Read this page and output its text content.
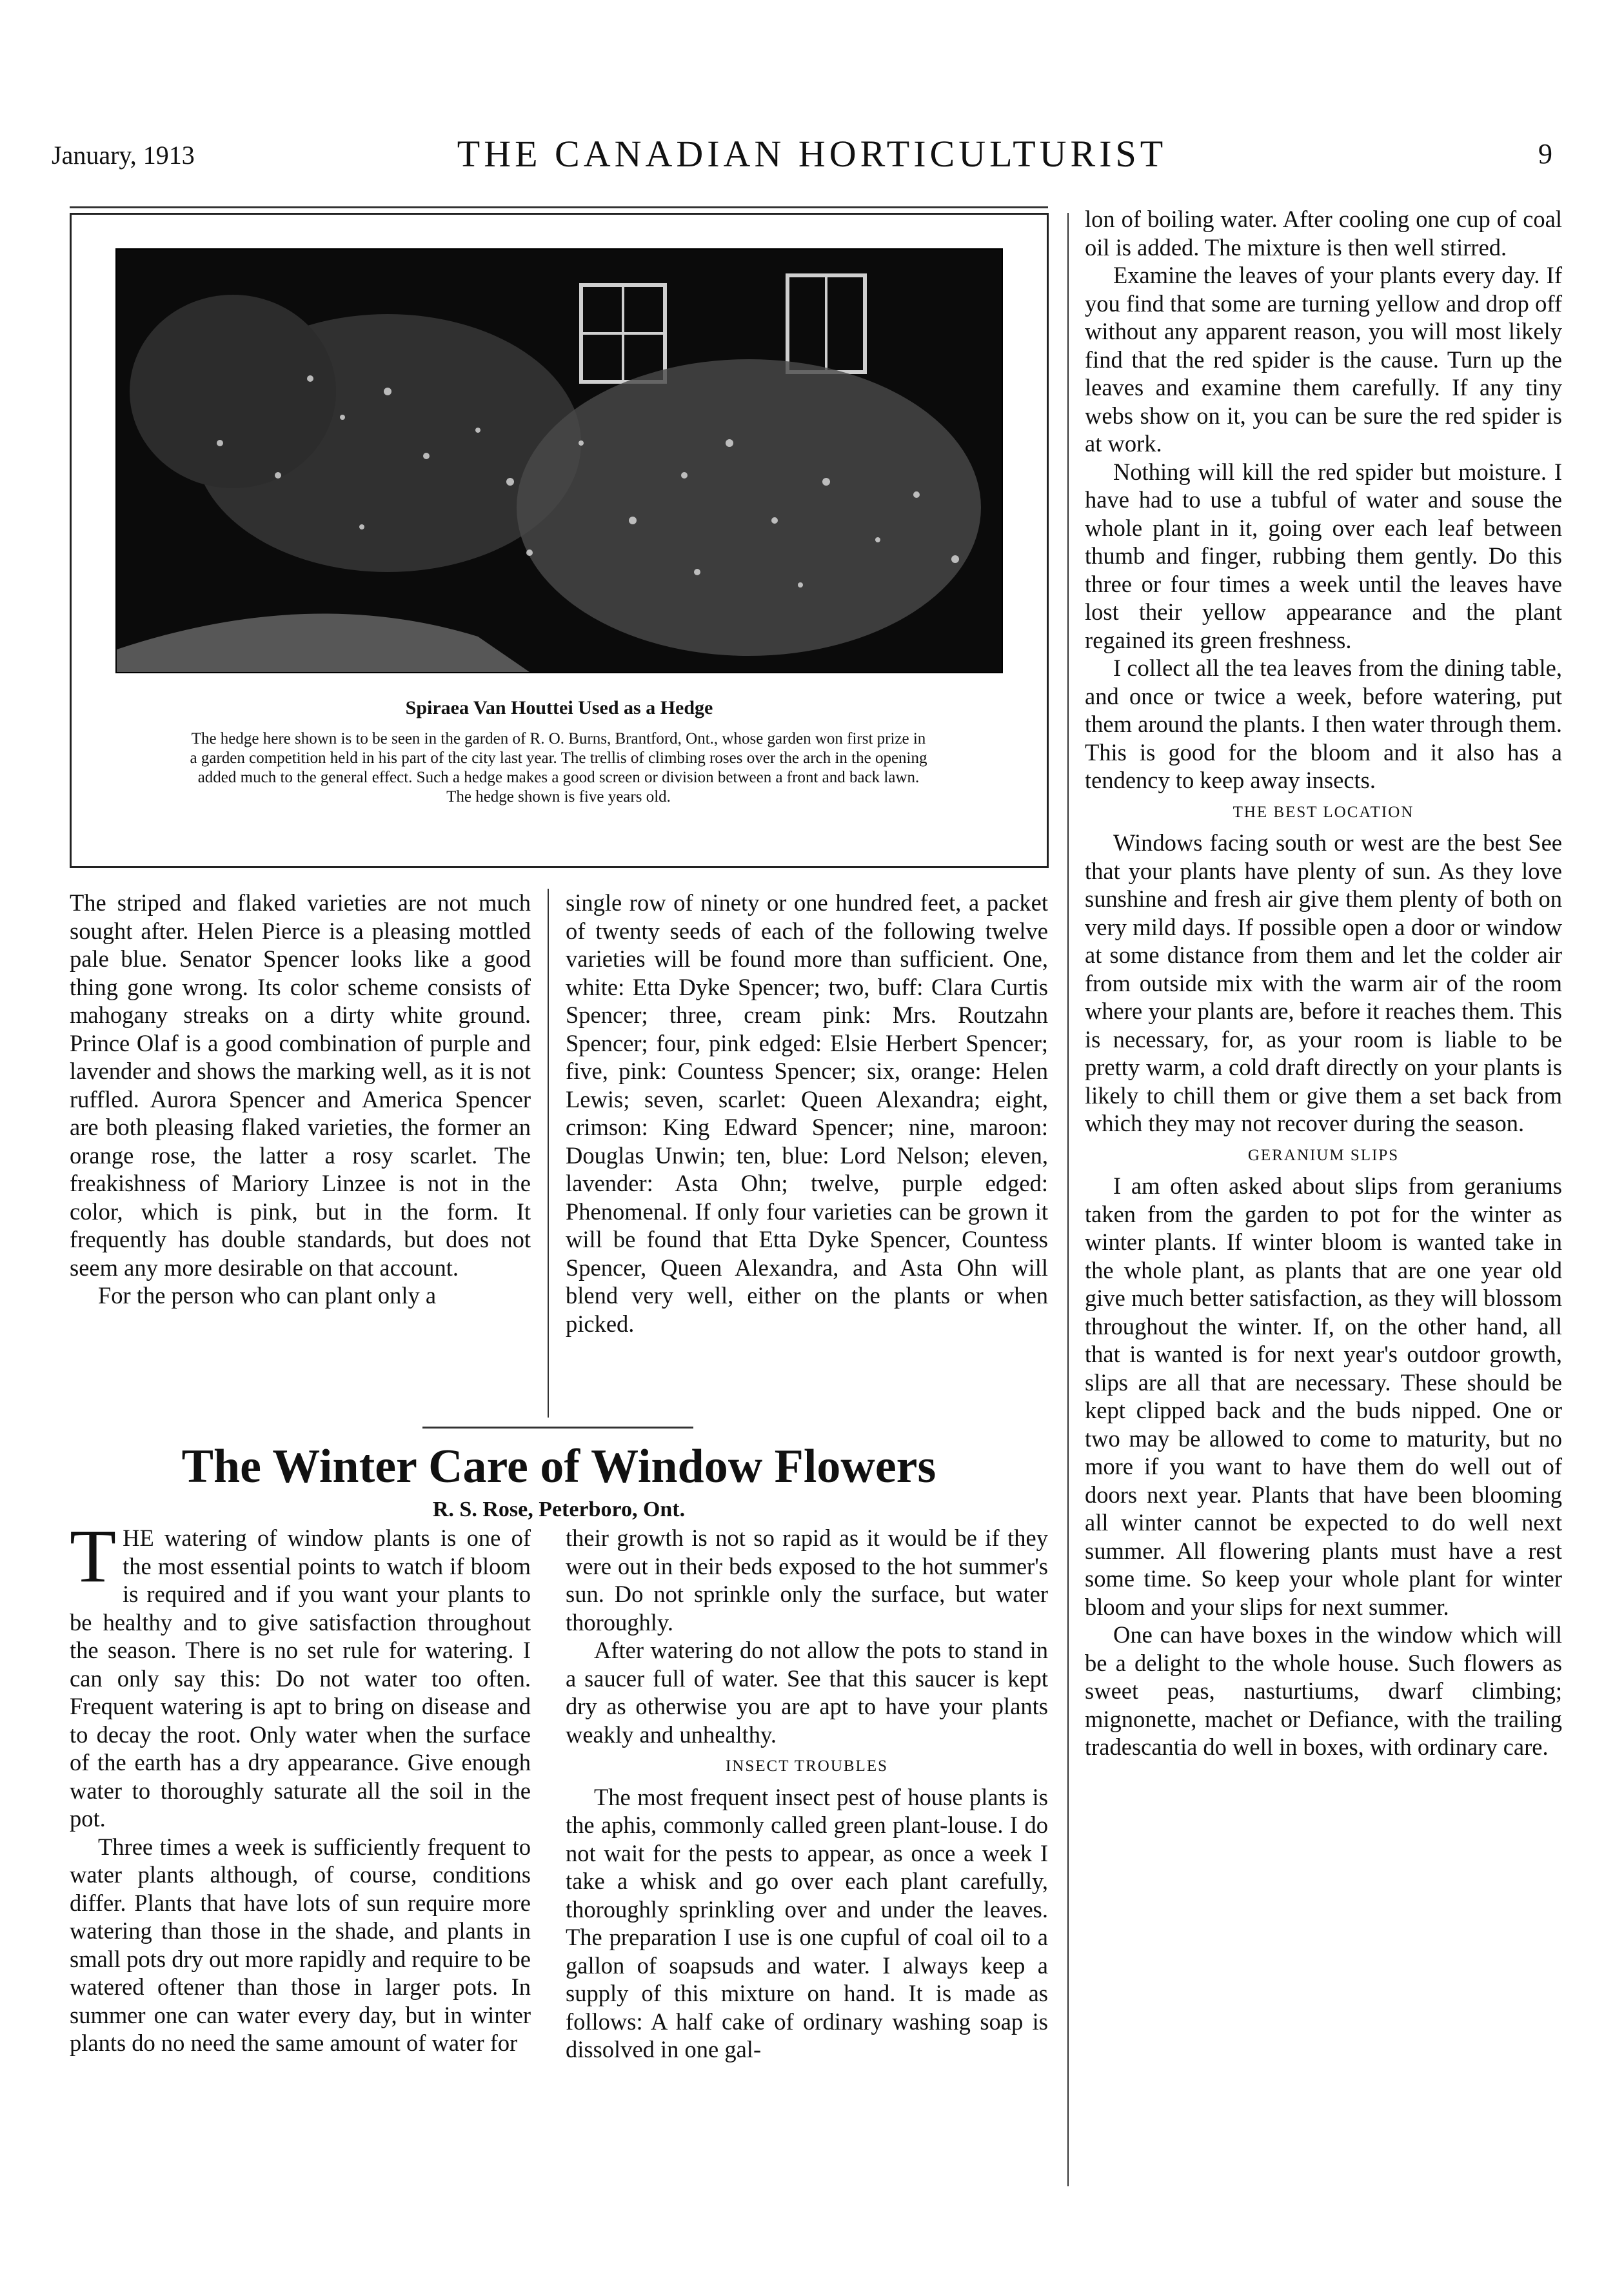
THE CANADIAN HORTICULTURIST
January, 1913	9
Spiraea Van Houttei Used as a Hedge
The hedge here shown is to be seen in the garden of R. O. Burns, Brantford, Ont., whose garden won first prize in a garden competition held in his part of the city last year. The trellis of climbing roses over the arch in the opening added much to the general effect. Such a hedge makes a good screen or division between a front and back lawn. The hedge shown is five years old.

The striped and flaked varieties are not much sought after. Helen Pierce is a pleasing mottled pale blue. Senator Spencer looks like a good thing gone wrong. Its color scheme consists of mahogany streaks on a dirty white ground. Prince Olaf is a good combination of purple and lavender and shows the marking well, as it is not ruffled. Aurora Spencer and America Spencer are both pleasing flaked varieties, the former an orange rose, the latter a rosy scarlet. The freakishness of Mariory Linzee is not in the color, which is pink, but in the form. It frequently has double standards, but does not seem any more desirable on that account.

For the person who can plant only a

single row of ninety or one hundred feet, a packet of twenty seeds of each of the following twelve varieties will be found more than sufficient. One, white: Etta Dyke Spencer; two, buff: Clara Curtis Spencer; three, cream pink: Mrs. Routzahn Spencer; four, pink edged: Elsie Herbert Spencer; five, pink: Countess Spencer; six, orange: Helen Lewis; seven, scarlet: Queen Alexandra; eight, crimson: King Edward Spencer; nine, maroon: Douglas Unwin; ten, blue: Lord Nelson; eleven, lavender: Asta Ohn; twelve, purple edged: Phenomenal. If only four varieties can be grown it will be found that Etta Dyke Spencer, Countess Spencer, Queen Alexandra, and Asta Ohn will blend very well, either on the plants or when picked.

The Winter Care of Window Flowers
R. S. Rose, Peterboro, Ont.

THE watering of window plants is one of the most essential points to watch if bloom is required and if you want your plants to be healthy and to give satisfaction throughout the season. There is no set rule for watering. I can only say this: Do not water too often. Frequent watering is apt to bring on disease and to decay the root. Only water when the surface of the earth has a dry appearance. Give enough water to thoroughly saturate all the soil in the pot.

Three times a week is sufficiently frequent to water plants although, of course, conditions differ. Plants that have lots of sun require more watering than those in the shade, and plants in small pots dry out more rapidly and require to be watered oftener than those in larger pots. In summer one can water every day, but in winter plants do no need the same amount of water for

their growth is not so rapid as it would be if they were out in their beds exposed to the hot summer's sun. Do not sprinkle only the surface, but water thoroughly.

After watering do not allow the pots to stand in a saucer full of water. See that this saucer is kept dry as otherwise you are apt to have your plants weakly and unhealthy.

INSECT TROUBLES

The most frequent insect pest of house plants is the aphis, commonly called green plant-louse. I do not wait for the pests to appear, as once a week I take a whisk and go over each plant carefully, thoroughly sprinkling over and under the leaves. The preparation I use is one cupful of coal oil to a gallon of soapsuds and water. I always keep a supply of this mixture on hand. It is made as follows: A half cake of ordinary washing soap is dissolved in one gal-

lon of boiling water. After cooling one cup of coal oil is added. The mixture is then well stirred.

Examine the leaves of your plants every day. If you find that some are turning yellow and drop off without any apparent reason, you will most likely find that the red spider is the cause. Turn up the leaves and examine them carefully. If any tiny webs show on it, you can be sure the red spider is at work.

Nothing will kill the red spider but moisture. I have had to use a tubful of water and souse the whole plant in it, going over each leaf between thumb and finger, rubbing them gently. Do this three or four times a week until the leaves have lost their yellow appearance and the plant regained its green freshness.

I collect all the tea leaves from the dining table, and once or twice a week, before watering, put them around the plants. I then water through them. This is good for the bloom and it also has a tendency to keep away insects.

THE BEST LOCATION

Windows facing south or west are the best See that your plants have plenty of sun. As they love sunshine and fresh air give them plenty of both on very mild days. If possible open a door or window at some distance from them and let the colder air from outside mix with the warm air of the room where your plants are, before it reaches them. This is necessary, for, as your room is liable to be pretty warm, a cold draft directly on your plants is likely to chill them or give them a set back from which they may not recover during the season.

GERANIUM SLIPS

I am often asked about slips from geraniums taken from the garden to pot for the winter as winter plants. If winter bloom is wanted take in the whole plant, as plants that are one year old give much better satisfaction, as they will blossom throughout the winter. If, on the other hand, all that is wanted is for next year's outdoor growth, slips are all that are necessary. These should be kept clipped back and the buds nipped. One or two may be allowed to come to maturity, but no more if you want to have them do well out of doors next year. Plants that have been blooming all winter cannot be expected to do well next summer. All flowering plants must have a rest some time. So keep your whole plant for winter bloom and your slips for next summer.

One can have boxes in the window which will be a delight to the whole house. Such flowers as sweet peas, nasturtiums, dwarf climbing; mignonette, machet or Defiance, with the trailing tradescantia do well in boxes, with ordinary care.
